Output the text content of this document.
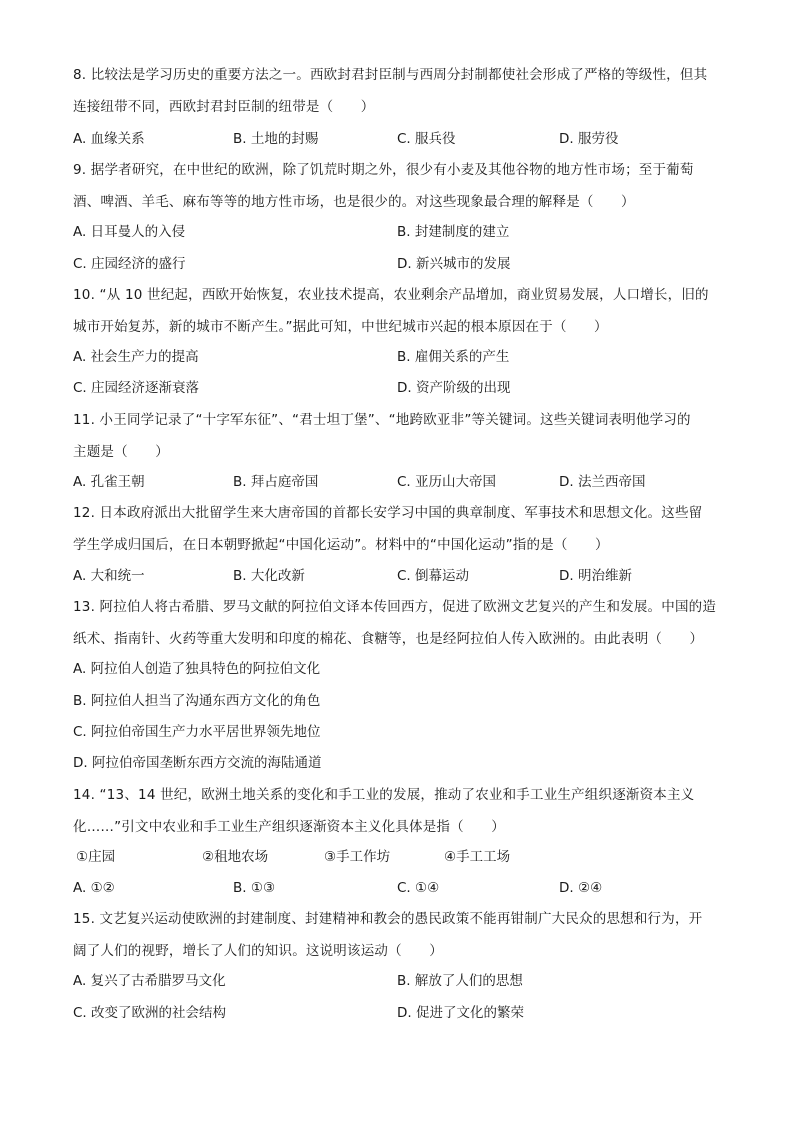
8. 比较法是学习历史的重要方法之一。西欧封君封臣制与西周分封制都使社会形成了严格的等级性，但其
连接纽带不同，西欧封君封臣制的纽带是（　　）
A. 血缘关系	B. 土地的封赐	C. 服兵役	D. 服劳役
9. 据学者研究，在中世纪的欧洲，除了饥荒时期之外，很少有小麦及其他谷物的地方性市场；至于葡萄
酒、啤酒、羊毛、麻布等等的地方性市场，也是很少的。对这些现象最合理的解释是（　　）
A. 日耳曼人的入侵	B. 封建制度的建立
C. 庄园经济的盛行	D. 新兴城市的发展
10. “从 10 世纪起，西欧开始恢复，农业技术提高，农业剩余产品增加，商业贸易发展，人口增长，旧的
城市开始复苏，新的城市不断产生。”据此可知，中世纪城市兴起的根本原因在于（　　）
A. 社会生产力的提高	B. 雇佣关系的产生
C. 庄园经济逐渐衰落	D. 资产阶级的出现
11. 小王同学记录了“十字军东征”、“君士坦丁堡”、“地跨欧亚非”等关键词。这些关键词表明他学习的
主题是（　　）
A. 孔雀王朝	B. 拜占庭帝国	C. 亚历山大帝国	D. 法兰西帝国
12. 日本政府派出大批留学生来大唐帝国的首都长安学习中国的典章制度、军事技术和思想文化。这些留
学生学成归国后，在日本朝野掀起“中国化运动”。材料中的“中国化运动”指的是（　　）
A. 大和统一	B. 大化改新	C. 倒幕运动	D. 明治维新
13. 阿拉伯人将古希腊、罗马文献的阿拉伯文译本传回西方，促进了欧洲文艺复兴的产生和发展。中国的造
纸术、指南针、火药等重大发明和印度的棉花、食糖等，也是经阿拉伯人传入欧洲的。由此表明（　　）
A. 阿拉伯人创造了独具特色的阿拉伯文化
B. 阿拉伯人担当了沟通东西方文化的角色
C. 阿拉伯帝国生产力水平居世界领先地位
D. 阿拉伯帝国垄断东西方交流的海陆通道
14. “13、14 世纪，欧洲土地关系的变化和手工业的发展，推动了农业和手工业生产组织逐渐资本主义
化……”引文中农业和手工业生产组织逐渐资本主义化具体是指（　　）
①庄园	②租地农场	③手工作坊	④手工工场
A. ①②	B. ①③	C. ①④	D. ②④
15. 文艺复兴运动使欧洲的封建制度、封建精神和教会的愚民政策不能再钳制广大民众的思想和行为，开
阔了人们的视野，增长了人们的知识。这说明该运动（　　）
A. 复兴了古希腊罗马文化	B. 解放了人们的思想
C. 改变了欧洲的社会结构	D. 促进了文化的繁荣
